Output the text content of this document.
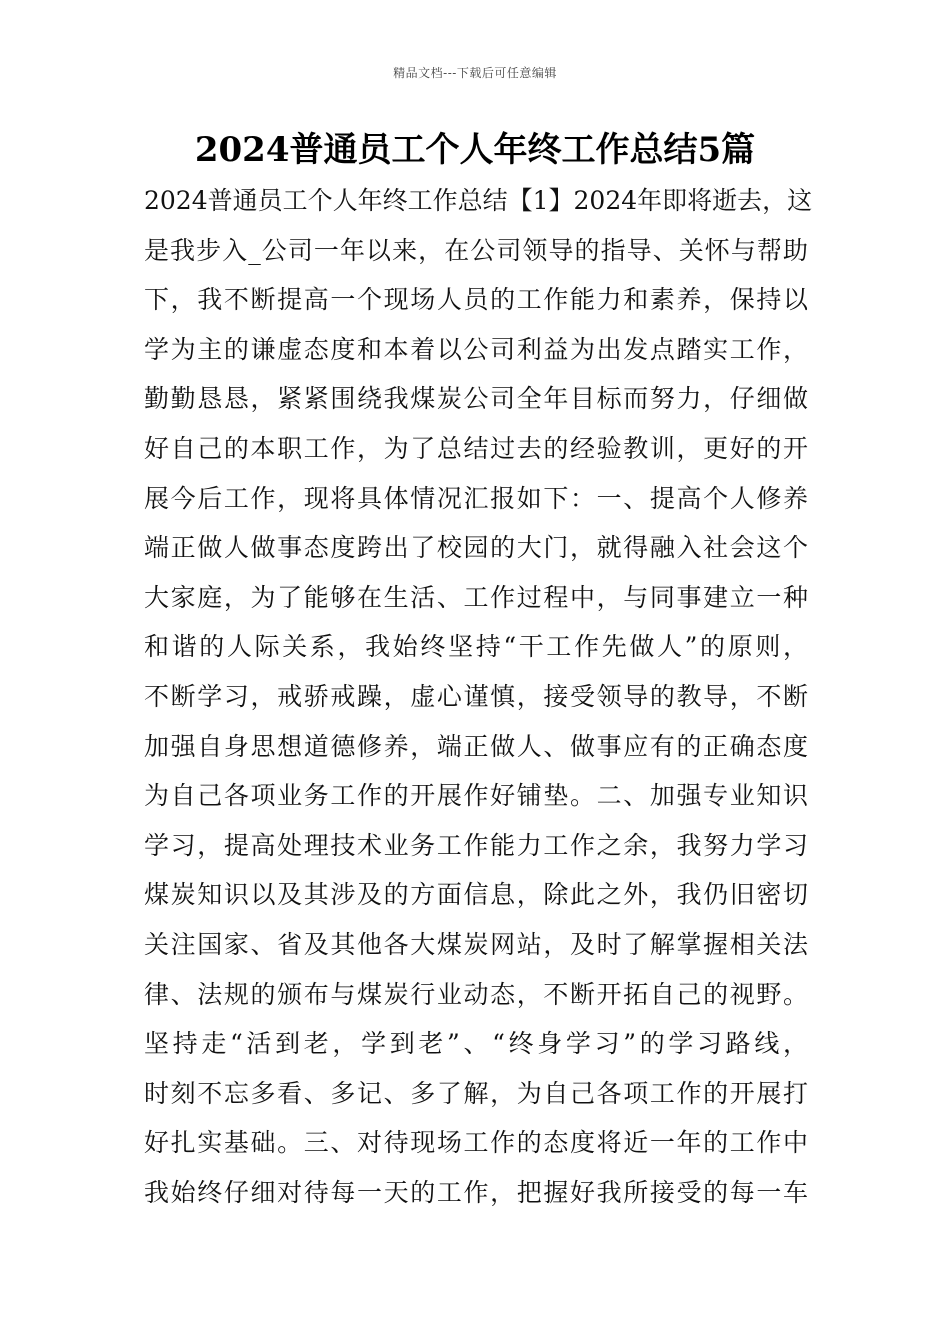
精品文档---下载后可任意编辑
2024普通员工个人年终工作总结5篇
2024普通员工个人年终工作总结【1】2024年即将逝去，这
是我步入_公司一年以来，在公司领导的指导、关怀与帮助
下，我不断提高一个现场人员的工作能力和素养，保持以
学为主的谦虚态度和本着以公司利益为出发点踏实工作，
勤勤恳恳，紧紧围绕我煤炭公司全年目标而努力，仔细做
好自己的本职工作，为了总结过去的经验教训，更好的开
展今后工作，现将具体情况汇报如下：一、提高个人修养
端正做人做事态度跨出了校园的大门，就得融入社会这个
大家庭，为了能够在生活、工作过程中，与同事建立一种
和谐的人际关系，我始终坚持“干工作先做人”的原则，
不断学习，戒骄戒躁，虚心谨慎，接受领导的教导，不断
加强自身思想道德修养，端正做人、做事应有的正确态度
为自己各项业务工作的开展作好铺垫。二、加强专业知识
学习，提高处理技术业务工作能力工作之余，我努力学习
煤炭知识以及其涉及的方面信息，除此之外，我仍旧密切
关注国家、省及其他各大煤炭网站，及时了解掌握相关法
律、法规的颁布与煤炭行业动态，不断开拓自己的视野。
坚持走“活到老，学到老”、“终身学习”的学习路线，
时刻不忘多看、多记、多了解，为自己各项工作的开展打
好扎实基础。三、对待现场工作的态度将近一年的工作中
我始终仔细对待每一天的工作，把握好我所接受的每一车
